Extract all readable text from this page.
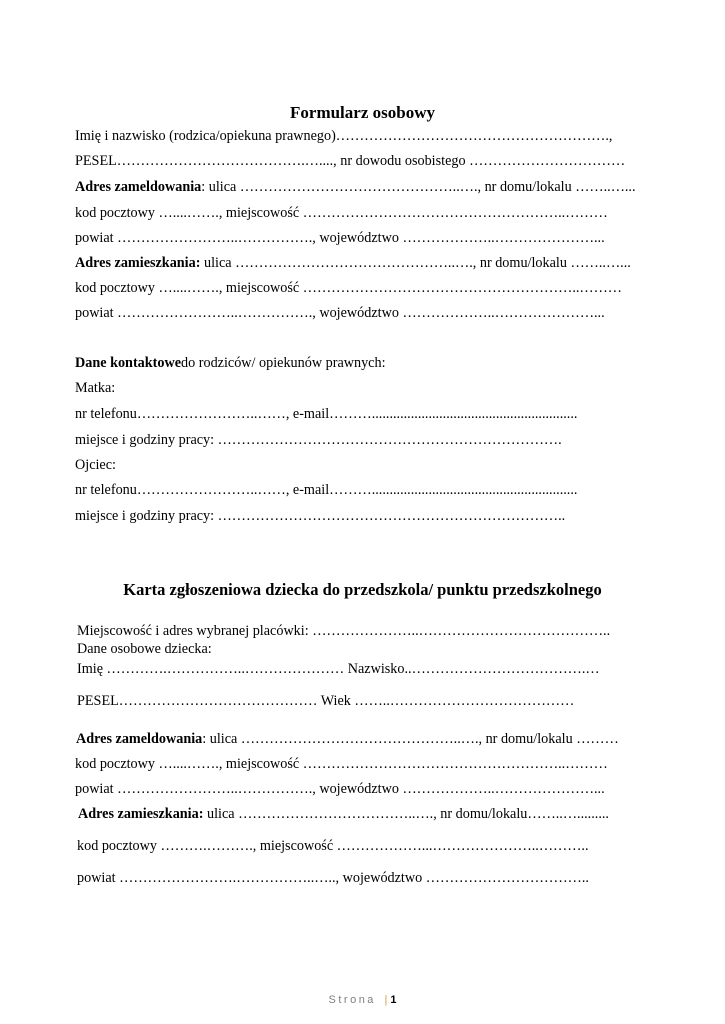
Formularz osobowy
Imię i nazwisko (rodzica/opiekuna prawnego)………………………………………………….,
PESEL………………………………….…...., nr dowodu osobistego ……………………………
Adres zameldowania: ulica ………………………………………..…., nr domu/lokalu ……..…...
kod pocztowy …....……., miejscowość ………………………………………………..………
powiat ……………………..……………., województwo ………………..…………………...
Adres zamieszkania: ulica ………………………………………..…., nr domu/lokalu ……..…...
kod pocztowy …....……., miejscowość …………………………………………………..………
powiat ……………………..……………., województwo ………………..…………………...
Dane kontaktowedo rodziców/ opiekunów prawnych:
Matka:
nr telefonu……………………..……, e-mail………..........................................................
miejsce i godziny pracy: ……………………………………………………………….
Ojciec:
nr telefonu……………………..……, e-mail………..........................................................
miejsce i godziny pracy: ………………………………………………………………..
Karta zgłoszeniowa dziecka do przedszkola/ punktu przedszkolnego
Miejscowość i adres wybranej placówki: …………………..…………………………………..
Dane osobowe dziecka:
Imię ………….……………..………………… Nazwisko..……………………………….…
PESEL…………………………………… Wiek ……..…………………………………
Adres zameldowania: ulica ………………………………………..…., nr domu/lokalu ………
kod pocztowy …....……., miejscowość ………………………………………………..………
powiat ……………………..……………., województwo ………………..…………………...
Adres zamieszkania: ulica ………………………………..…., nr domu/lokalu……..….........
kod pocztowy ……….………., miejscowość ………………...…………………..………..
powiat …………………….……………..….., województwo ……………………………..
Strona | 1
